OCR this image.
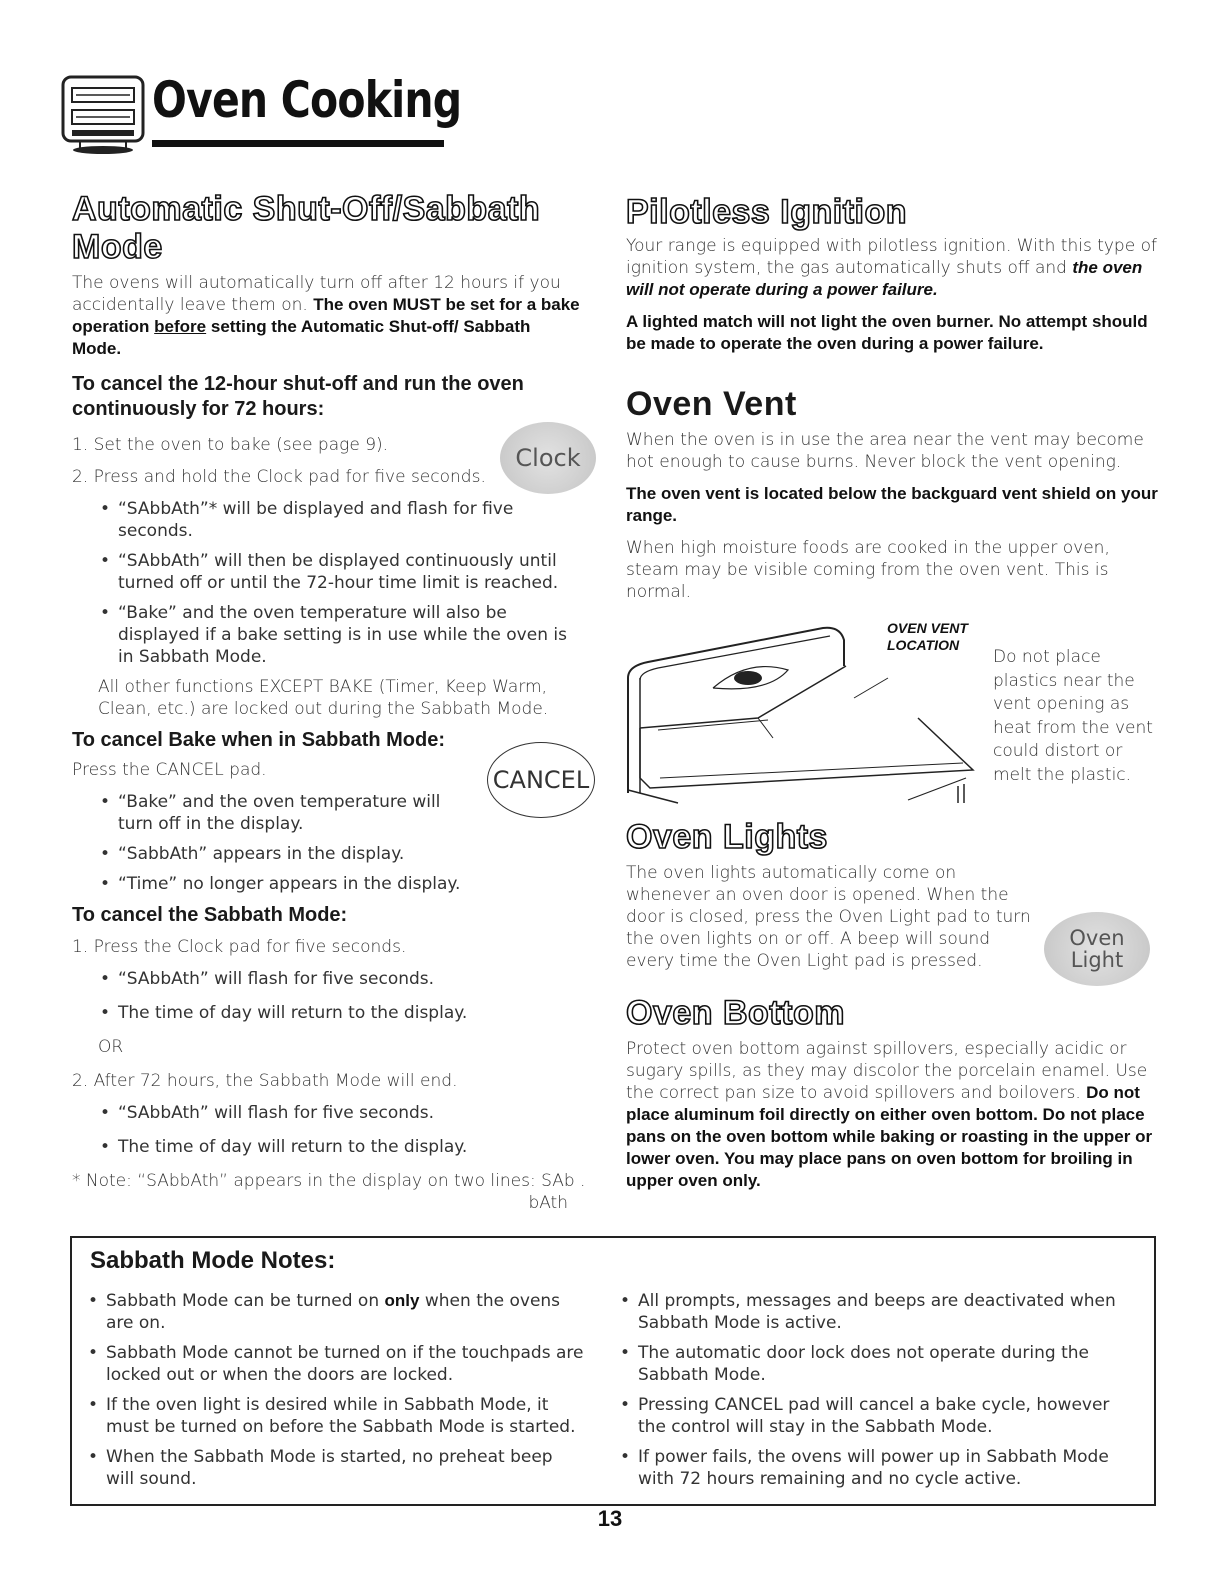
Oven Cooking
Automatic Shut-Off/Sabbath Mode

The ovens will automatically turn off after 12 hours if you accidentally leave them on. The oven MUST be set for a bake operation before setting the Automatic Shut-off/ Sabbath Mode.

To cancel the 12-hour shut-off and run the oven continuously for 72 hours:

1. Set the oven to bake (see page 9).

2. Press and hold the Clock pad for five seconds.

• “SAbbAth”* will be displayed and flash for five seconds.
• “SAbbAth” will then be displayed continuously until turned off or until the 72-hour time limit is reached.
• “Bake” and the oven temperature will also be displayed if a bake setting is in use while the oven is in Sabbath Mode.

All other functions EXCEPT BAKE (Timer, Keep Warm, Clean, etc.) are locked out during the Sabbath Mode.

To cancel Bake when in Sabbath Mode:

Press the CANCEL pad.

• “Bake” and the oven temperature will turn off in the display.
• “SabbAth” appears in the display.
• “Time” no longer appears in the display.
To cancel the Sabbath Mode:

1. Press the Clock pad for five seconds.

• “SAbbAth” will flash for five seconds.
• The time of day will return to the display.

OR

2. After 72 hours, the Sabbath Mode will end.

• “SAbbAth” will flash for five seconds.
• The time of day will return to the display.

* Note: “SAbbAth” appears in the display on two lines: SAb .

bAth

Clock
CANCEL
Pilotless Ignition

Your range is equipped with pilotless ignition. With this type of ignition system, the gas automatically shuts off and the oven will not operate during a power failure.

A lighted match will not light the oven burner. No attempt should be made to operate the oven during a power failure.

Oven Vent

When the oven is in use the area near the vent may become hot enough to cause burns. Never block the vent opening.

The oven vent is located below the backguard vent shield on your range.

When high moisture foods are cooked in the upper oven, steam may be visible coming from the oven vent. This is normal.

OVEN VENT
LOCATION

Do not place plastics near the vent opening as heat from the vent could distort or melt the plastic.

Oven Lights

The oven lights automatically come on whenever an oven door is opened. When the door is closed, press the Oven Light pad to turn the oven lights on or off. A beep will sound every time the Oven Light pad is pressed.

Oven
Light
Oven Bottom

Protect oven bottom against spillovers, especially acidic or sugary spills, as they may discolor the porcelain enamel. Use the correct pan size to avoid spillovers and boilovers. Do not place aluminum foil directly on either oven bottom. Do not place pans on the oven bottom while baking or roasting in the upper or lower oven. You may place pans on oven bottom for broiling in upper oven only.

Sabbath Mode Notes:
• Sabbath Mode can be turned on only when the ovens are on.
• Sabbath Mode cannot be turned on if the touchpads are locked out or when the doors are locked.
• If the oven light is desired while in Sabbath Mode, it must be turned on before the Sabbath Mode is started.
• When the Sabbath Mode is started, no preheat beep will sound.
• All prompts, messages and beeps are deactivated when Sabbath Mode is active.
• The automatic door lock does not operate during the Sabbath Mode.
• Pressing CANCEL pad will cancel a bake cycle, however the control will stay in the Sabbath Mode.
• If power fails, the ovens will power up in Sabbath Mode with 72 hours remaining and no cycle active.
13
